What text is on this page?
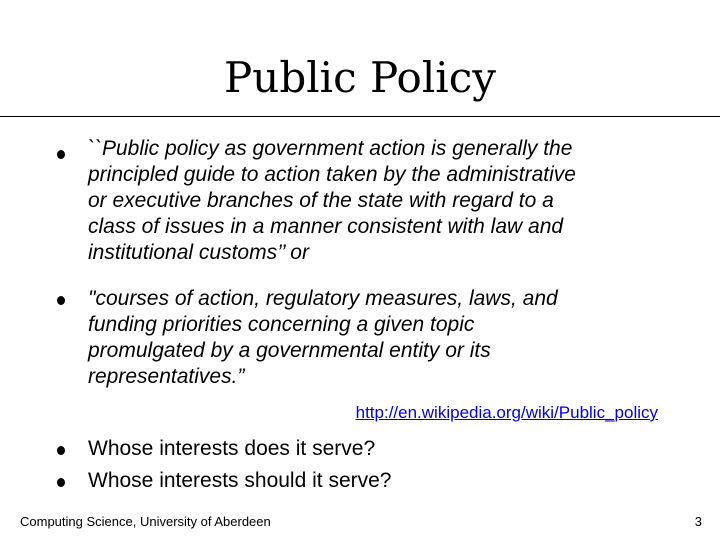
Public Policy
``Public policy as government action is generally the
principled guide to action taken by the administrative
or executive branches of the state with regard to a
class of issues in a manner consistent with law and
institutional customs’’ or
"courses of action, regulatory measures, laws, and
funding priorities concerning a given topic
promulgated by a governmental entity or its
representatives.”
http://en.wikipedia.org/wiki/Public_policy
Whose interests does it serve?
Whose interests should it serve?
Computing Science, University of Aberdeen	3
